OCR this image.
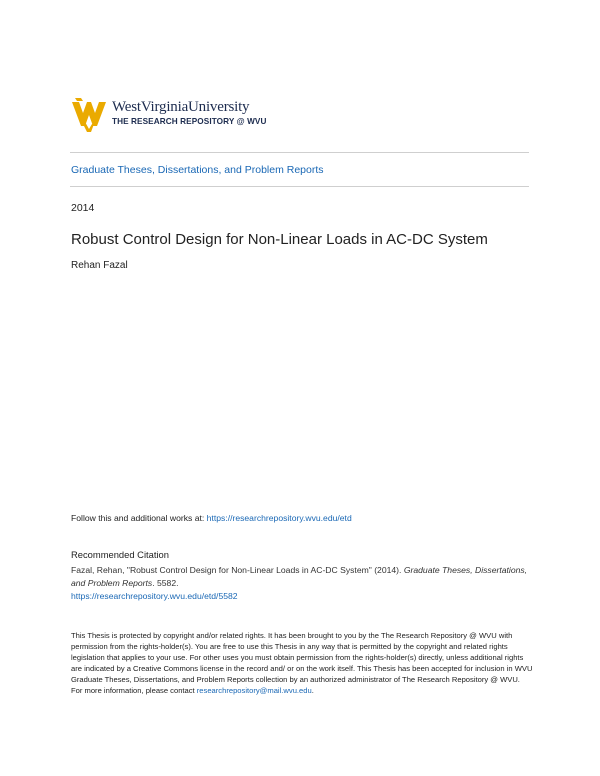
WestVirginiaUniversity
THE RESEARCH REPOSITORY @ WVU
Graduate Theses, Dissertations, and Problem Reports
2014
Robust Control Design for Non-Linear Loads in AC-DC System
Rehan Fazal
Follow this and additional works at: https://researchrepository.wvu.edu/etd
Recommended Citation
Fazal, Rehan, "Robust Control Design for Non-Linear Loads in AC-DC System" (2014). Graduate Theses, Dissertations, and Problem Reports. 5582.
https://researchrepository.wvu.edu/etd/5582
This Thesis is protected by copyright and/or related rights. It has been brought to you by the The Research Repository @ WVU with permission from the rights-holder(s). You are free to use this Thesis in any way that is permitted by the copyright and related rights legislation that applies to your use. For other uses you must obtain permission from the rights-holder(s) directly, unless additional rights are indicated by a Creative Commons license in the record and/ or on the work itself. This Thesis has been accepted for inclusion in WVU Graduate Theses, Dissertations, and Problem Reports collection by an authorized administrator of The Research Repository @ WVU. For more information, please contact researchrepository@mail.wvu.edu.
